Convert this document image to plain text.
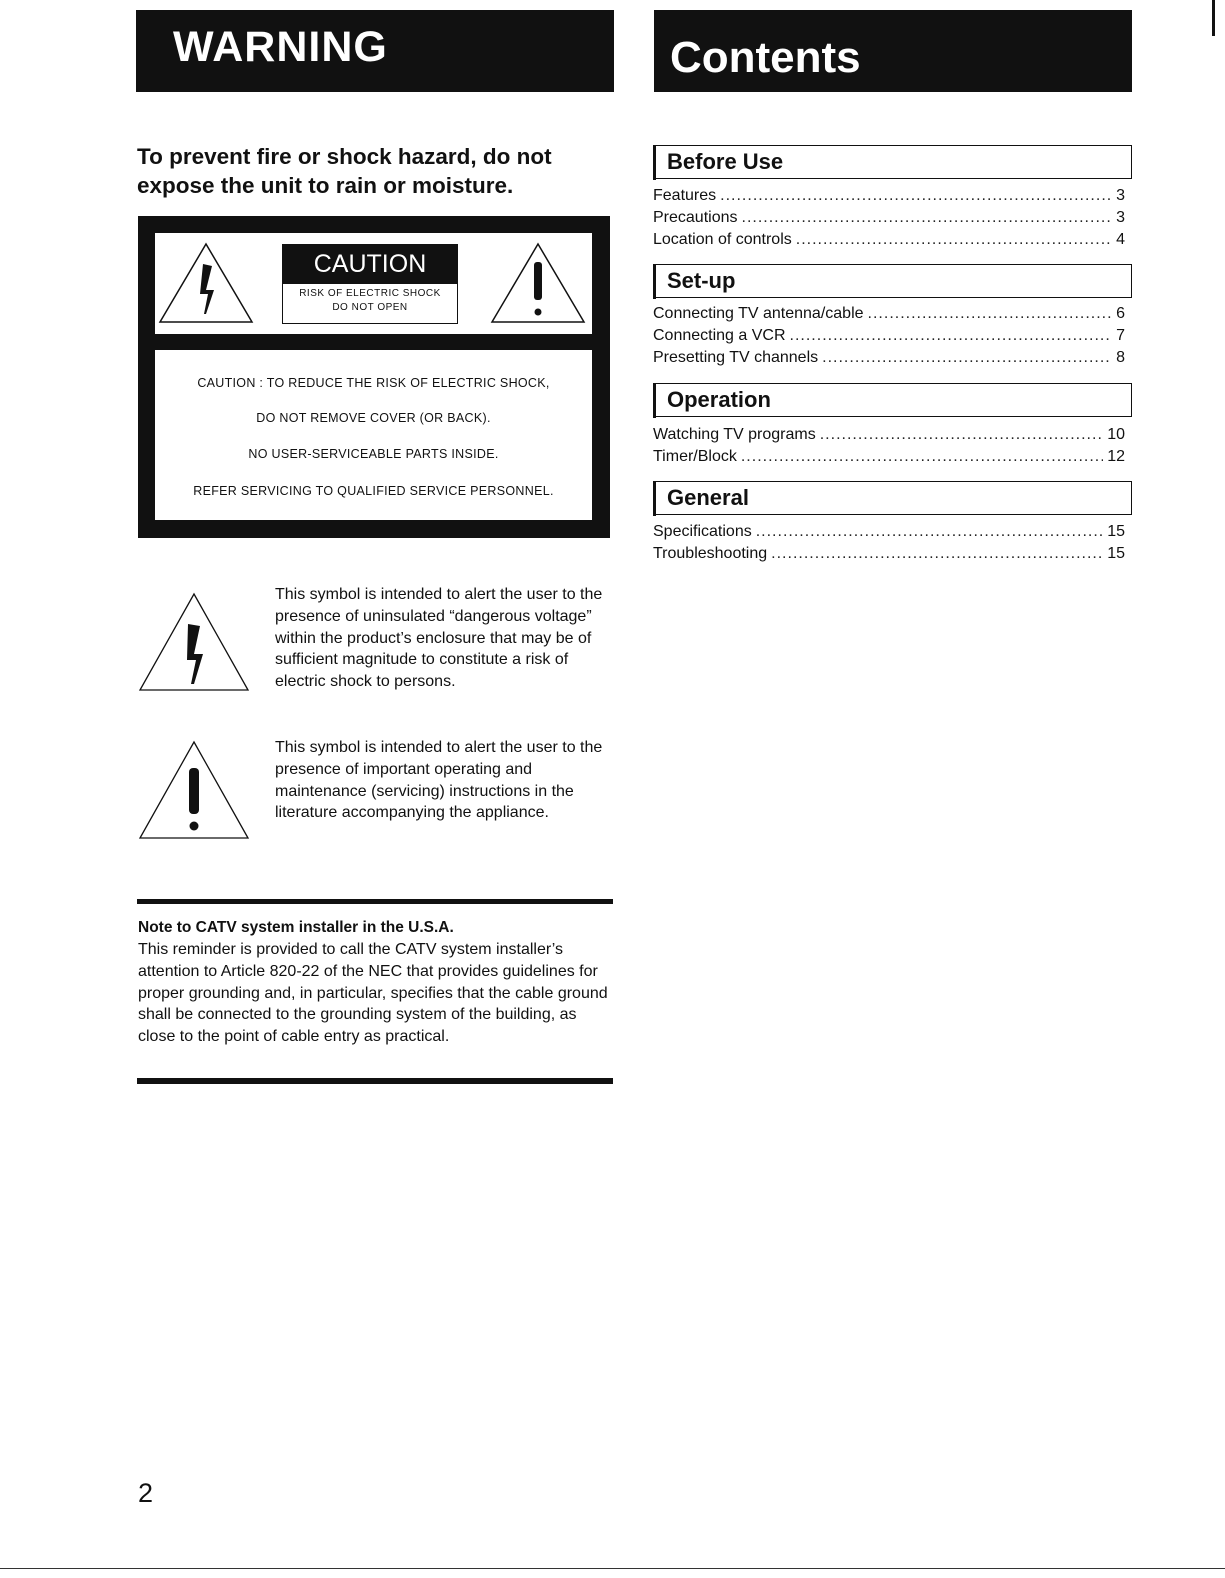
WARNING
To prevent fire or shock hazard, do not
expose the unit to rain or moisture.
CAUTION
RISK OF ELECTRIC SHOCK
DO NOT OPEN
CAUTION : TO REDUCE THE RISK OF ELECTRIC SHOCK,
DO NOT REMOVE COVER (OR BACK).
NO USER-SERVICEABLE PARTS INSIDE.
REFER SERVICING TO QUALIFIED SERVICE PERSONNEL.
This symbol is intended to alert the user to the presence of uninsulated “dangerous voltage” within the product’s enclosure that may be of sufficient magnitude to constitute a risk of electric shock to persons.
This symbol is intended to alert the user to the presence of important operating and maintenance (servicing) instructions in the literature accompanying the appliance.
Note to CATV system installer in the U.S.A.
This reminder is provided to call the CATV system installer’s attention to Article 820-22 of the NEC that provides guidelines for proper grounding and, in particular, specifies that the cable ground shall be connected to the grounding system of the building, as close to the point of cable entry as practical.
Contents
Before Use
Features .....	3
Precautions .....	3
Location of controls .....	4
Set-up
Connecting TV antenna/cable .....	6
Connecting a VCR .....	7
Presetting TV channels .....	8
Operation
Watching TV programs .....	10
Timer/Block .....	12
General
Specifications .....	15
Troubleshooting .....	15
2
